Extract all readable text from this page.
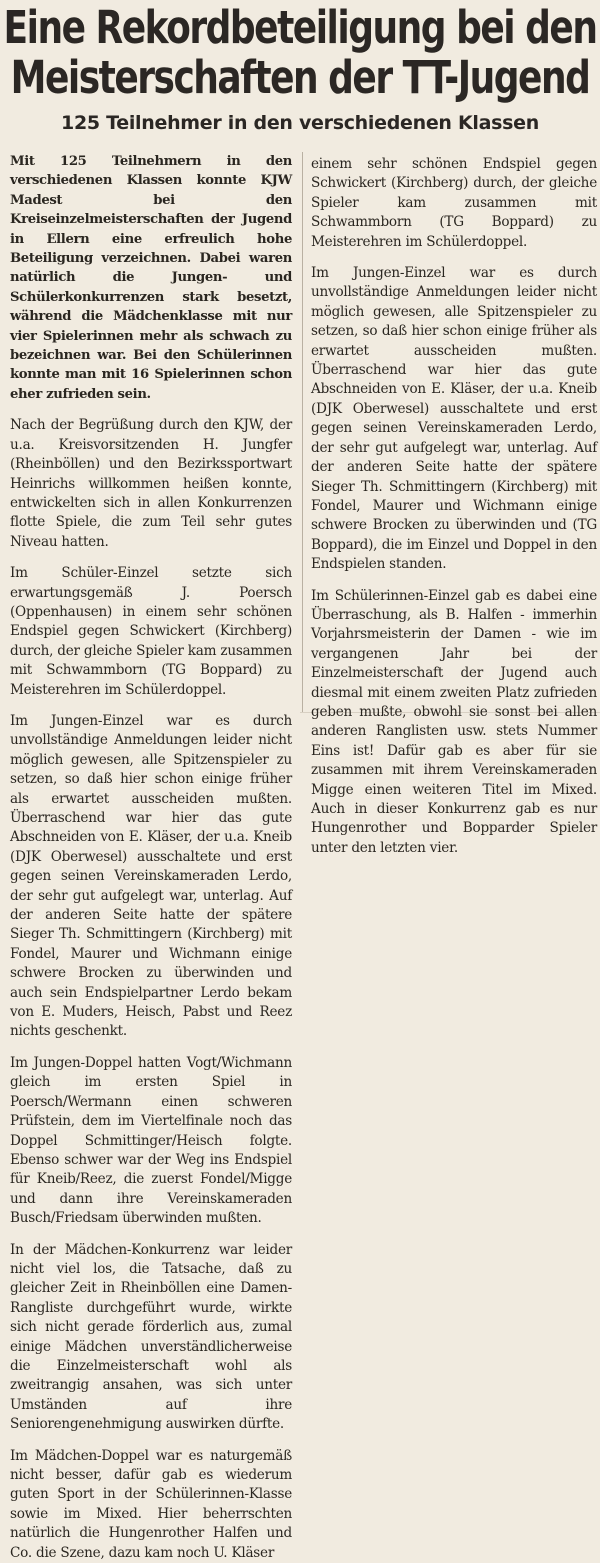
Eine Rekordbeteiligung bei den
Meisterschaften der TT-Jugend
125 Teilnehmer in den verschiedenen Klassen

Mit 125 Teilnehmern in den verschiedenen Klassen konnte KJW Madest bei den Kreiseinzelmeisterschaften der Jugend in Ellern eine erfreulich hohe Beteiligung verzeichnen. Dabei waren natürlich die Jungen- und Schülerkonkurrenzen stark besetzt, während die Mädchenklasse mit nur vier Spielerinnen mehr als schwach zu bezeichnen war. Bei den Schülerinnen konnte man mit 16 Spielerinnen schon eher zufrieden sein.

Nach der Begrüßung durch den KJW, der u.a. Kreisvorsitzenden H. Jungfer (Rheinböllen) und den Bezirkssportwart Heinrichs willkommen heißen konnte, entwickelten sich in allen Konkurrenzen flotte Spiele, die zum Teil sehr gutes Niveau hatten.

Im Schüler-Einzel setzte sich erwartungsgemäß J. Poersch (Oppenhausen) in einem sehr schönen Endspiel gegen Schwickert (Kirchberg) durch, der gleiche Spieler kam zusammen mit Schwammborn (TG Boppard) zu Meisterehren im Schülerdoppel.

Im Jungen-Einzel war es durch unvollständige Anmeldungen leider nicht möglich gewesen, alle Spitzenspieler zu setzen, so daß hier schon einige früher als erwartet ausscheiden mußten. Überraschend war hier das gute Abschneiden von E. Kläser, der u.a. Kneib (DJK Oberwesel) ausschaltete und erst gegen seinen Vereinskameraden Lerdo, der sehr gut aufgelegt war, unterlag. Auf der anderen Seite hatte der spätere Sieger Th. Schmittingern (Kirchberg) mit Fondel, Maurer und Wichmann einige schwere Brocken zu überwinden und auch sein Endspielpartner Lerdo bekam von E. Muders, Heisch, Pabst und Reez nichts geschenkt.

Im Jungen-Doppel hatten Vogt/Wichmann gleich im ersten Spiel in Poersch/Wermann einen schweren Prüfstein, dem im Viertelfinale noch das Doppel Schmittinger/Heisch folgte. Ebenso schwer war der Weg ins Endspiel für Kneib/Reez, die zuerst Fondel/Migge und dann ihre Vereinskameraden Busch/Friedsam überwinden mußten.

In der Mädchen-Konkurrenz war leider nicht viel los, die Tatsache, daß zu gleicher Zeit in Rheinböllen eine Damen-Rangliste durchgeführt wurde, wirkte sich nicht gerade förderlich aus, zumal einige Mädchen unverständlicherweise die Einzelmeisterschaft wohl als zweitrangig ansahen, was sich unter Umständen auf ihre Seniorengenehmigung auswirken dürfte.

Im Mädchen-Doppel war es naturgemäß nicht besser, dafür gab es wiederum guten Sport in der Schülerinnen-Klasse sowie im Mixed. Hier beherrschten natürlich die Hungenrother Halfen und Co. die Szene, dazu kam noch U. Kläser

einem sehr schönen Endspiel gegen Schwickert (Kirchberg) durch, der gleiche Spieler kam zusammen mit Schwammborn (TG Boppard) zu Meisterehren im Schülerdoppel.

Im Jungen-Einzel war es durch unvollständige Anmeldungen leider nicht möglich gewesen, alle Spitzenspieler zu setzen, so daß hier schon einige früher als erwartet ausscheiden mußten. Überraschend war hier das gute Abschneiden von E. Kläser, der u.a. Kneib (DJK Oberwesel) ausschaltete und erst gegen seinen Vereinskameraden Lerdo, der sehr gut aufgelegt war, unterlag. Auf der anderen Seite hatte der spätere Sieger Th. Schmittingern (Kirchberg) mit Fondel, Maurer und Wichmann einige schwere Brocken zu überwinden und (TG Boppard), die im Einzel und Doppel in den Endspielen standen.

Im Schülerinnen-Einzel gab es dabei eine Überraschung, als B. Halfen - immerhin Vorjahrsmeisterin der Damen - wie im vergangenen Jahr bei der Einzelmeisterschaft der Jugend auch diesmal mit einem zweiten Platz zufrieden geben mußte, obwohl sie sonst bei allen anderen Ranglisten usw. stets Nummer Eins ist! Dafür gab es aber für sie zusammen mit ihrem Vereinskameraden Migge einen weiteren Titel im Mixed. Auch in dieser Konkurrenz gab es nur Hungenrother und Bopparder Spieler unter den letzten vier.
